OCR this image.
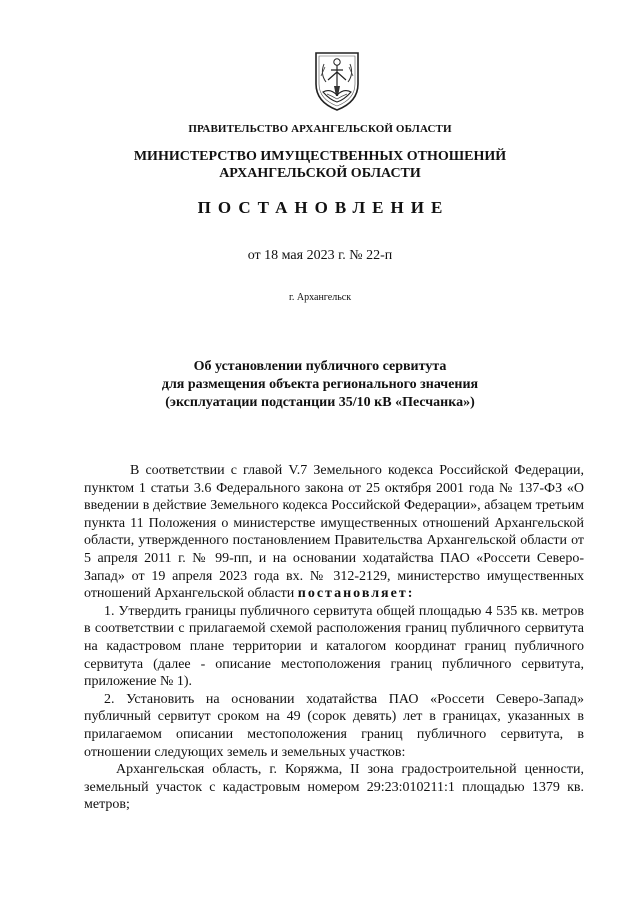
ПРАВИТЕЛЬСТВО АРХАНГЕЛЬСКОЙ ОБЛАСТИ
МИНИСТЕРСТВО ИМУЩЕСТВЕННЫХ ОТНОШЕНИЙ
АРХАНГЕЛЬСКОЙ ОБЛАСТИ
ПОСТАНОВЛЕНИЕ
от 18 мая 2023 г. № 22-п
г. Архангельск
Об установлении публичного сервитута
для размещения объекта регионального значения
(эксплуатации подстанции 35/10 кВ «Песчанка»)

В соответствии с главой V.7 Земельного кодекса Российской Федерации, пунктом 1 статьи 3.6 Федерального закона от 25 октября 2001 года № 137-ФЗ «О введении в действие Земельного кодекса Российской Федерации», абзацем третьим пункта 11 Положения о министерстве имущественных отношений Архангельской области, утвержденного постановлением Правительства Архангельской области от 5 апреля 2011 г. № 99-пп, и на основании ходатайства ПАО «Россети Северо-Запад» от 19 апреля 2023 года вх. № 312-2129, министерство имущественных отношений Архангельской области постановляет:

1. Утвердить границы публичного сервитута общей площадью 4 535 кв. метров в соответствии с прилагаемой схемой расположения границ публичного сервитута на кадастровом плане территории и каталогом координат границ публичного сервитута (далее - описание местоположения границ публичного сервитута, приложение № 1).

2. Установить на основании ходатайства ПАО «Россети Северо-Запад» публичный сервитут сроком на 49 (сорок девять) лет в границах, указанных в прилагаемом описании местоположения границ публичного сервитута, в отношении следующих земель и земельных участков:

Архангельская область, г. Коряжма, II зона градостроительной ценности, земельный участок с кадастровым номером 29:23:010211:1 площадью 1379 кв. метров;
